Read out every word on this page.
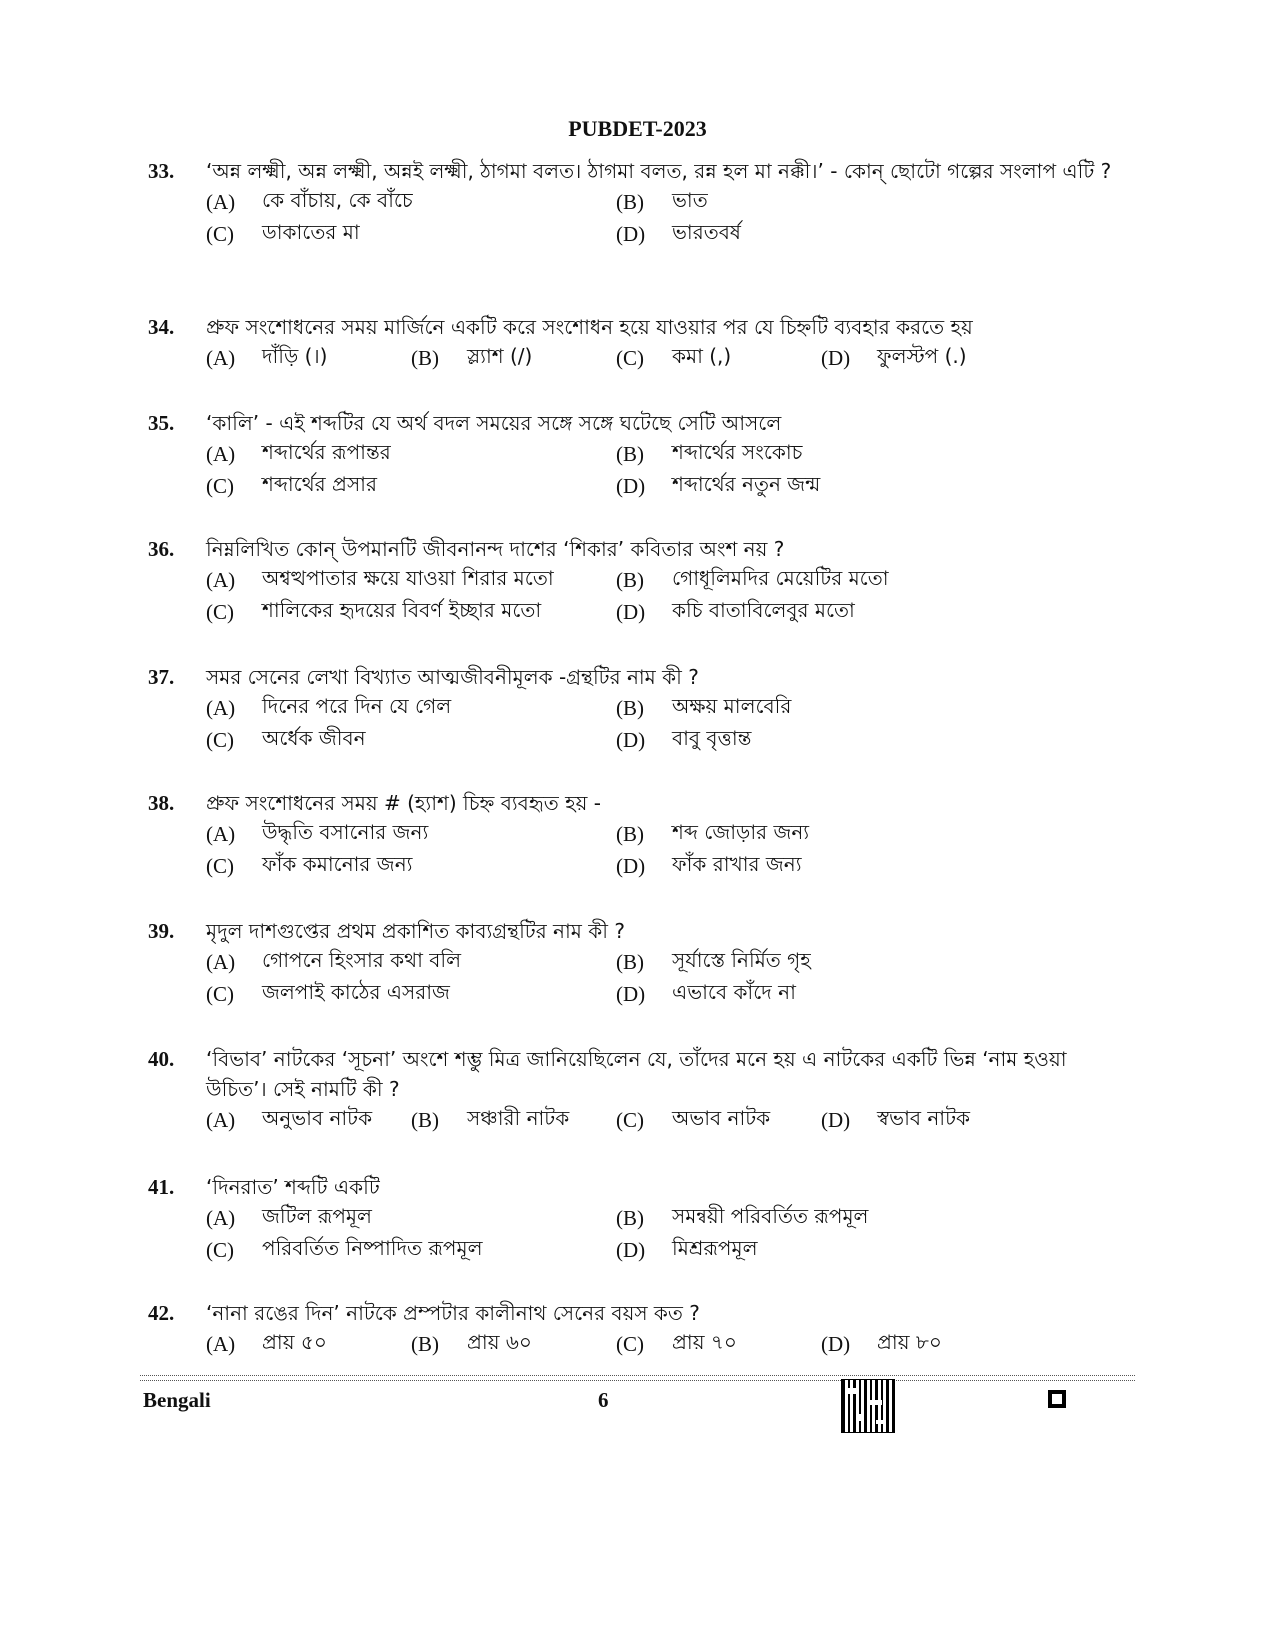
PUBDET-2023
33.	‘অন্ন লক্ষ্মী, অন্ন লক্ষ্মী, অন্নই লক্ষ্মী, ঠাগমা বলত। ঠাগমা বলত, রন্ন হল মা নক্কী।’ - কোন্ ছোটো গল্পের সংলাপ এটি ?
(A)	কে বাঁচায়, কে বাঁচে	(B)	ভাত
(C)	ডাকাতের মা	(D)	ভারতবর্ষ
34.	প্রুফ সংশোধনের সময় মার্জিনে একটি করে সংশোধন হয়ে যাওয়ার পর যে চিহ্নটি ব্যবহার করতে হয়
(A)	দাঁড়ি (।)	(B)	স্ল্যাশ (/)	(C)	কমা (,)	(D)	ফুলস্টপ (.)
35.	‘কালি’ - এই শব্দটির যে অর্থ বদল সময়ের সঙ্গে সঙ্গে ঘটেছে সেটি আসলে
(A)	শব্দার্থের রূপান্তর	(B)	শব্দার্থের সংকোচ
(C)	শব্দার্থের প্রসার	(D)	শব্দার্থের নতুন জন্ম
36.	নিম্নলিখিত কোন্ উপমানটি জীবনানন্দ দাশের ‘শিকার’ কবিতার অংশ নয় ?
(A)	অশ্বত্থপাতার ক্ষয়ে যাওয়া শিরার মতো	(B)	গোধূলিমদির মেয়েটির মতো
(C)	শালিকের হৃদয়ের বিবর্ণ ইচ্ছার মতো	(D)	কচি বাতাবিলেবুর মতো
37.	সমর সেনের লেখা বিখ্যাত আত্মজীবনীমূলক -গ্রন্থটির নাম কী ?
(A)	দিনের পরে দিন যে গেল	(B)	অক্ষয় মালবেরি
(C)	অর্ধেক জীবন	(D)	বাবু বৃত্তান্ত
38.	প্রুফ সংশোধনের সময় # (হ্যাশ) চিহ্ন ব্যবহৃত হয় -
(A)	উদ্ধৃতি বসানোর জন্য	(B)	শব্দ জোড়ার জন্য
(C)	ফাঁক কমানোর জন্য	(D)	ফাঁক রাখার জন্য
39.	মৃদুল দাশগুপ্তের প্রথম প্রকাশিত কাব্যগ্রন্থটির নাম কী ?
(A)	গোপনে হিংসার কথা বলি	(B)	সূর্যাস্তে নির্মিত গৃহ
(C)	জলপাই কাঠের এসরাজ	(D)	এভাবে কাঁদে না
40.	‘বিভাব’ নাটকের ‘সূচনা’ অংশে শম্ভু মিত্র জানিয়েছিলেন যে, তাঁদের মনে হয় এ নাটকের একটি ভিন্ন ‘নাম হওয়া উচিত’। সেই নামটি কী ?
(A)	অনুভাব নাটক (B)	সঞ্চারী নাটক (C)	অভাব নাটক (D)	স্বভাব নাটক
41.	‘দিনরাত’ শব্দটি একটি
(A)	জটিল রূপমূল	(B)	সমন্বয়ী পরিবর্তিত রূপমূল
(C)	পরিবর্তিত নিষ্পাদিত রূপমূল	(D)	মিশ্ররূপমূল
42.	‘নানা রঙের দিন’ নাটকে প্রম্পটার কালীনাথ সেনের বয়স কত ?
(A)	প্রায় ৫০	(B)	প্রায় ৬০	(C)	প্রায় ৭০	(D)	প্রায় ৮০
Bengali	6
